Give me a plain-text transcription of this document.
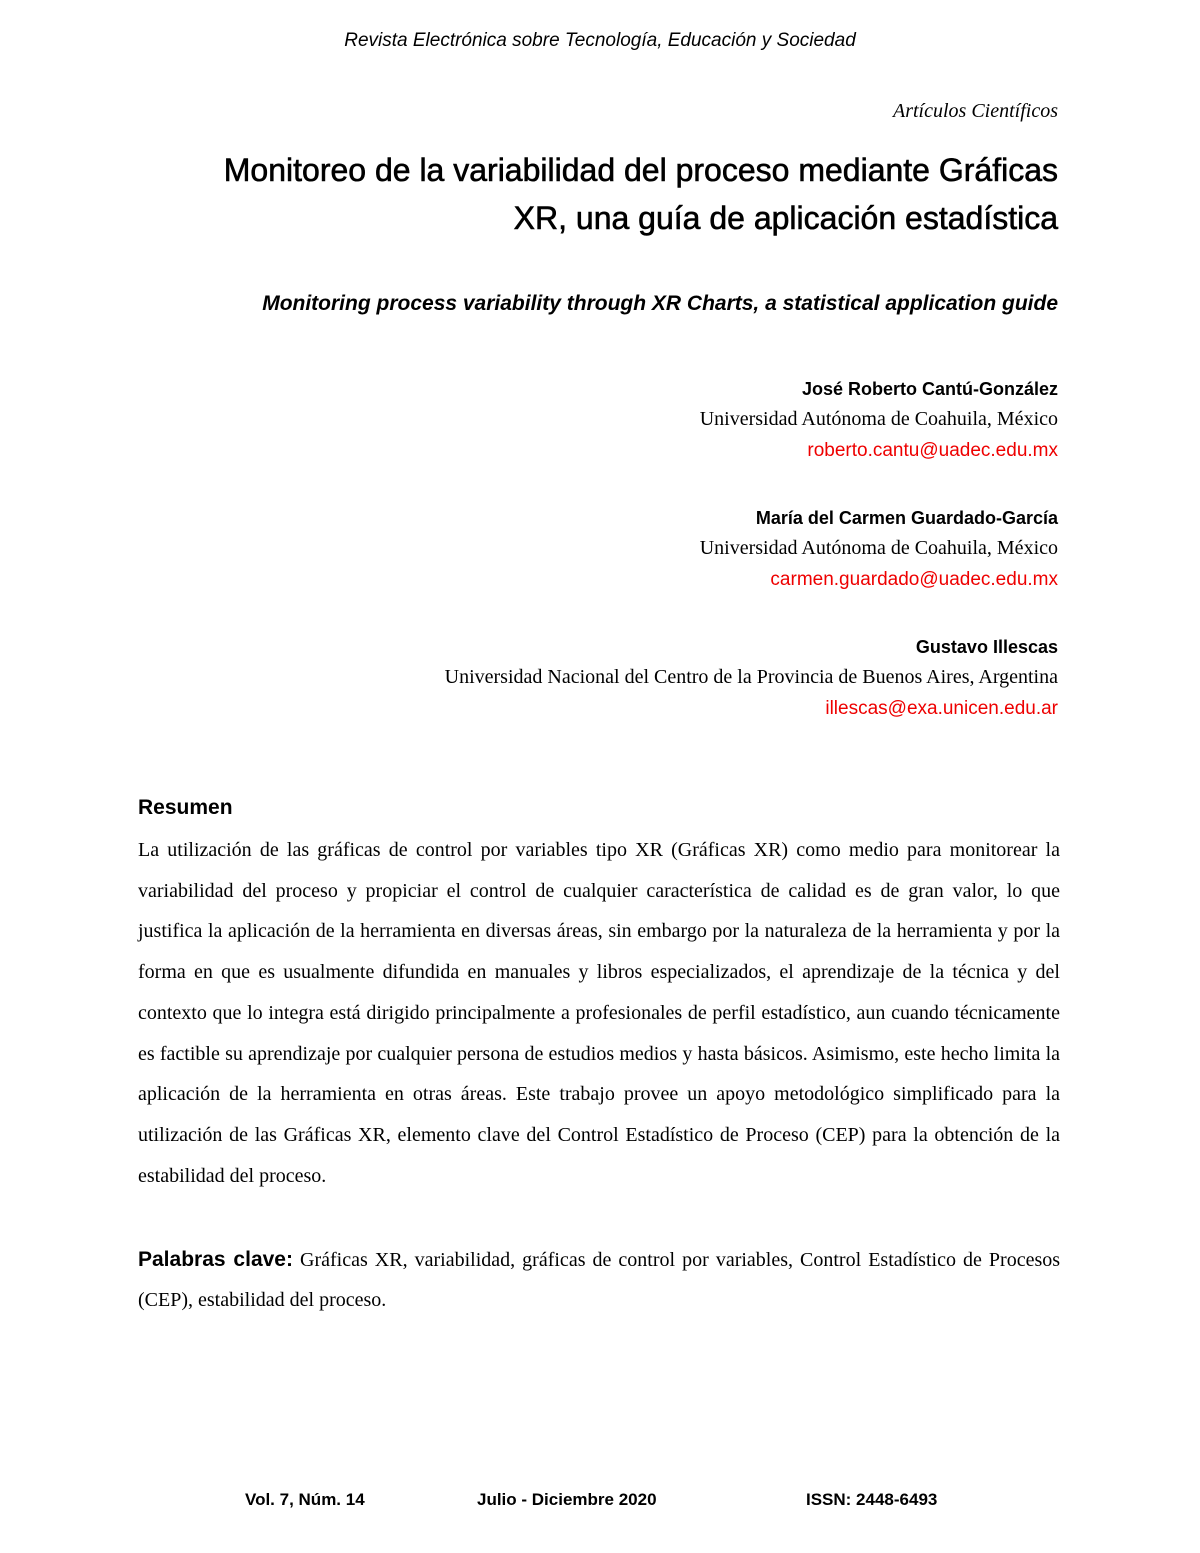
Revista Electrónica sobre Tecnología, Educación y Sociedad
Artículos Científicos
Monitoreo de la variabilidad del proceso mediante Gráficas
XR, una guía de aplicación estadística
Monitoring process variability through XR Charts, a statistical application guide
José Roberto Cantú-González
Universidad Autónoma de Coahuila, México
roberto.cantu@uadec.edu.mx
María del Carmen Guardado-García
Universidad Autónoma de Coahuila, México
carmen.guardado@uadec.edu.mx
Gustavo Illescas
Universidad Nacional del Centro de la Provincia de Buenos Aires, Argentina
illescas@exa.unicen.edu.ar
Resumen

La utilización de las gráficas de control por variables tipo XR (Gráficas XR) como medio para monitorear la variabilidad del proceso y propiciar el control de cualquier característica de calidad es de gran valor, lo que justifica la aplicación de la herramienta en diversas áreas, sin embargo por la naturaleza de la herramienta y por la forma en que es usualmente difundida en manuales y libros especializados, el aprendizaje de la técnica y del contexto que lo integra está dirigido principalmente a profesionales de perfil estadístico, aun cuando técnicamente es factible su aprendizaje por cualquier persona de estudios medios y hasta básicos. Asimismo, este hecho limita la aplicación de la herramienta en otras áreas. Este trabajo provee un apoyo metodológico simplificado para la utilización de las Gráficas XR, elemento clave del Control Estadístico de Proceso (CEP) para la obtención de la estabilidad del proceso.

Palabras clave: Gráficas XR, variabilidad, gráficas de control por variables, Control Estadístico de Procesos (CEP), estabilidad del proceso.

Vol. 7, Núm. 14	Julio - Diciembre 2020	ISSN: 2448-6493
